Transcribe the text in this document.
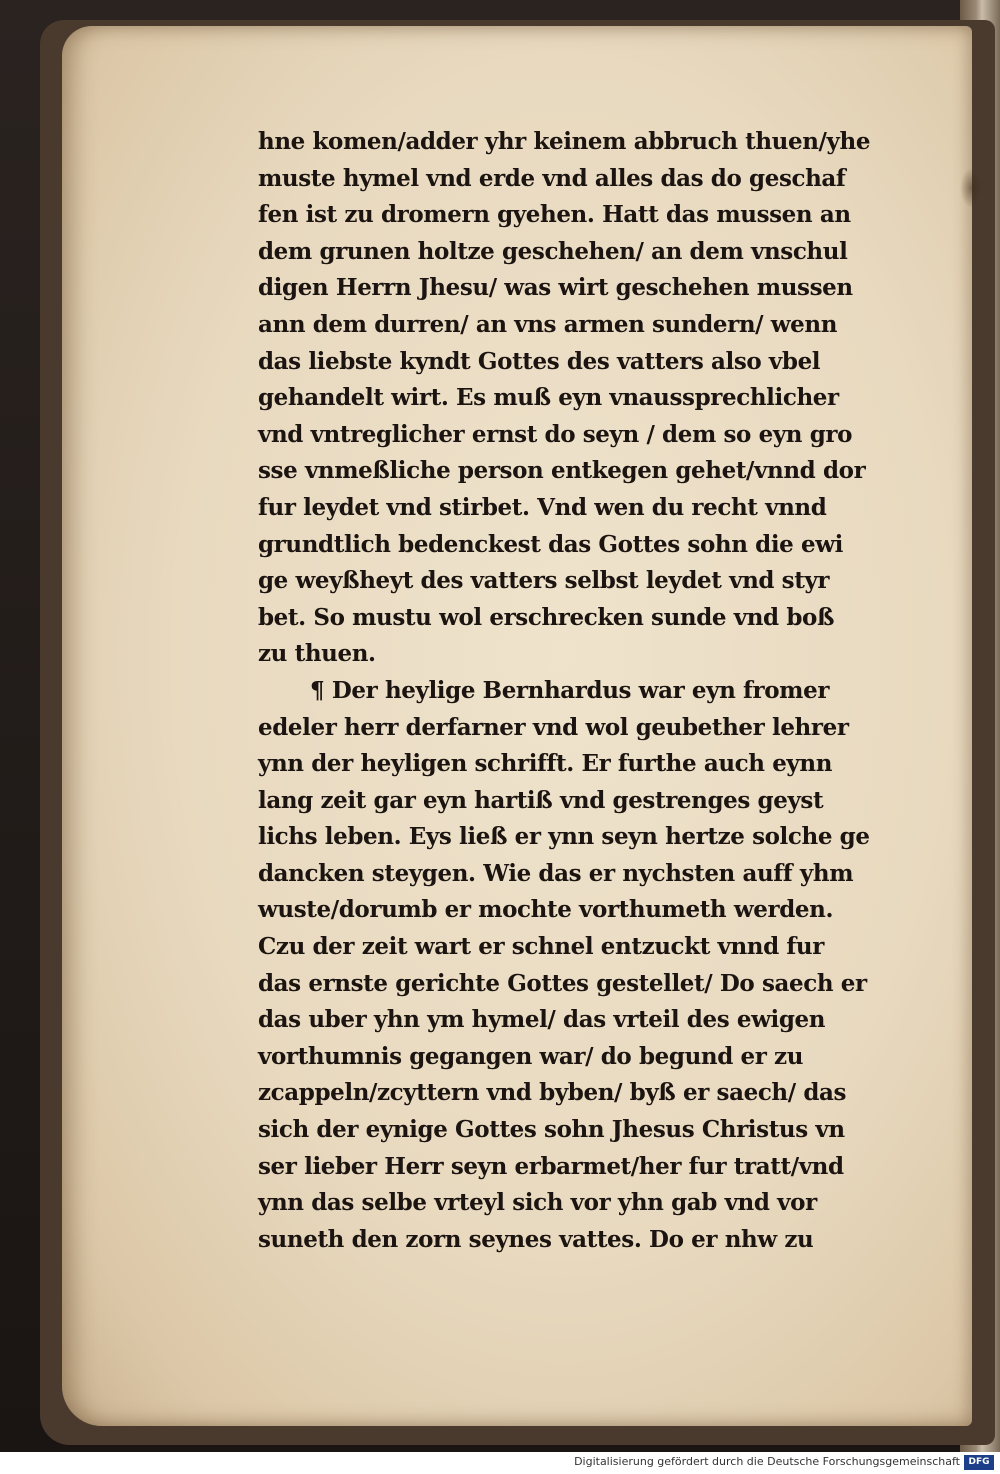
hne komen/adder yhr keinem abbruch thuen/yhe
muste hymel vnd erde vnd alles das do geschaf
fen ist zu dromern gyehen. Hatt das mussen an
dem grunen holtze geschehen/ an dem vnschul
digen Herrn Jhesu/ was wirt geschehen mussen
ann dem durren/ an vns armen sundern/ wenn
das liebste kyndt Gottes des vatters also vbel
gehandelt wirt. Es muß eyn vnaussprechlicher
vnd vntreglicher ernst do seyn / dem so eyn gro
sse vnmeßliche person entkegen gehet/vnnd dor
fur leydet vnd stirbet. Vnd wen du recht vnnd
grundtlich bedenckest das Gottes sohn die ewi
ge weyßheyt des vatters selbst leydet vnd styr
bet. So mustu wol erschrecken sunde vnd boß
zu thuen.
¶ Der heylige Bernhardus war eyn fromer
edeler herr derfarner vnd wol geubether lehrer
ynn der heyligen schrifft. Er furthe auch eynn
lang zeit gar eyn hartiß vnd gestrenges geyst
lichs leben. Eys ließ er ynn seyn hertze solche ge
dancken steygen. Wie das er nychsten auff yhm
wuste/dorumb er mochte vorthumeth werden.
Czu der zeit wart er schnel entzuckt vnnd fur
das ernste gerichte Gottes gestellet/ Do saech er
das uber yhn ym hymel/ das vrteil des ewigen
vorthumnis gegangen war/ do begund er zu
zcappeln/zcyttern vnd byben/ byß er saech/ das
sich der eynige Gottes sohn Jhesus Christus vn
ser lieber Herr seyn erbarmet/her fur tratt/vnd
ynn das selbe vrteyl sich vor yhn gab vnd vor
suneth den zorn seynes vattes. Do er nhw zu
Digitalisierung gefördert durch die Deutsche Forschungsgemeinschaft DFG
